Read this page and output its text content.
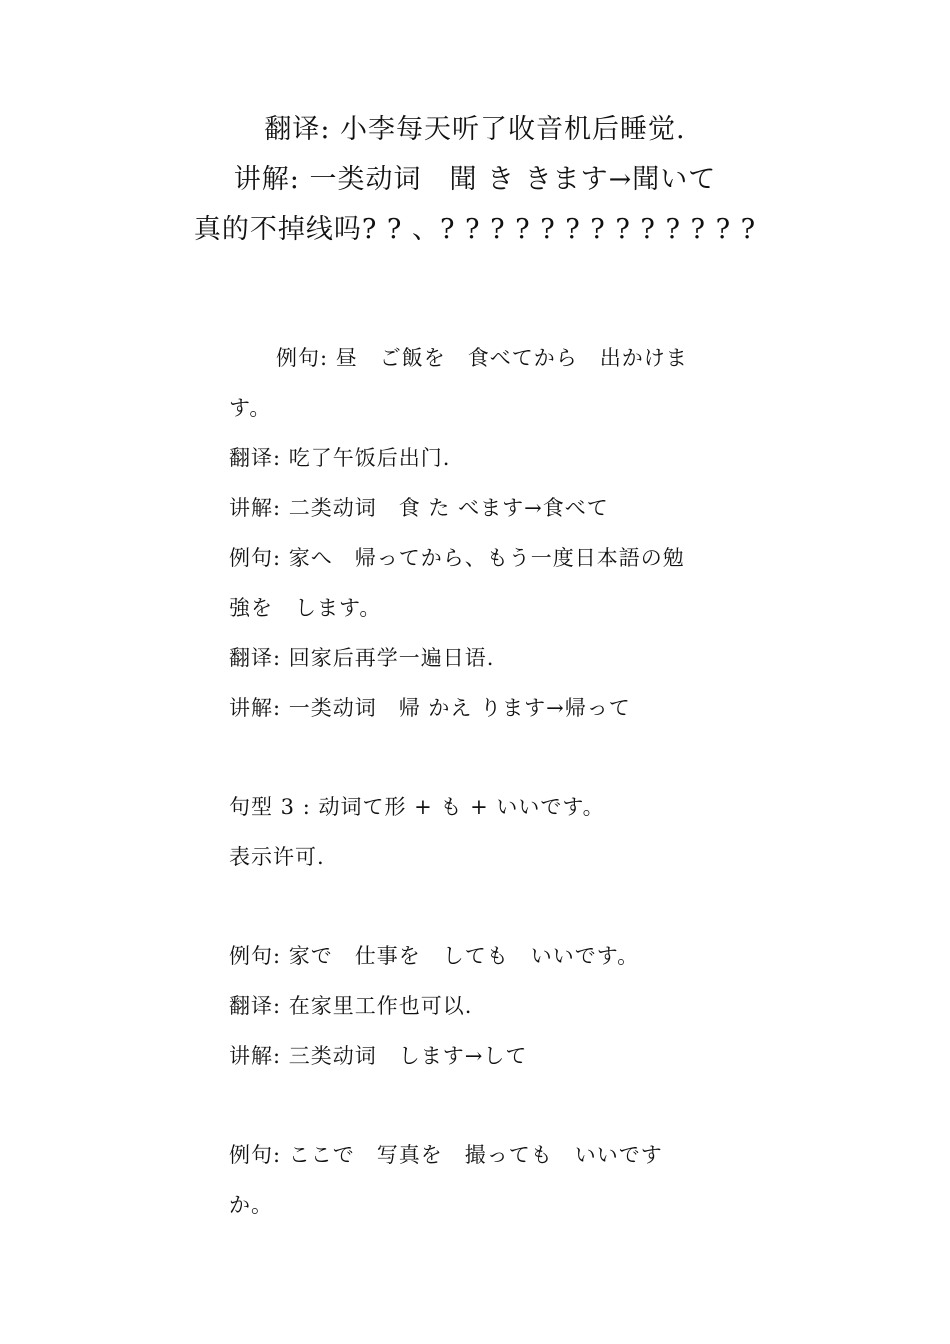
翻译: 小李每天听了收音机后睡觉.
讲解: 一类动词　聞 き きます→聞いて
真的不掉线吗? ? 、? ? ? ? ? ? ? ? ? ? ? ? ?
例句: 昼　ご飯を　食べてから　出かけま
す。
翻译: 吃了午饭后出门.
讲解: 二类动词　食 た べます→食べて
例句: 家へ　帰ってから、もう一度日本語の勉
強を　します。
翻译: 回家后再学一遍日语.
讲解: 一类动词　帰 かえ ります→帰って
句型 3 : 动词て形 + も + いいです。
表示许可.
例句: 家で　仕事を　しても　いいです。
翻译: 在家里工作也可以.
讲解: 三类动词　します→して
例句: ここで　写真を　撮っても　いいです
か。
